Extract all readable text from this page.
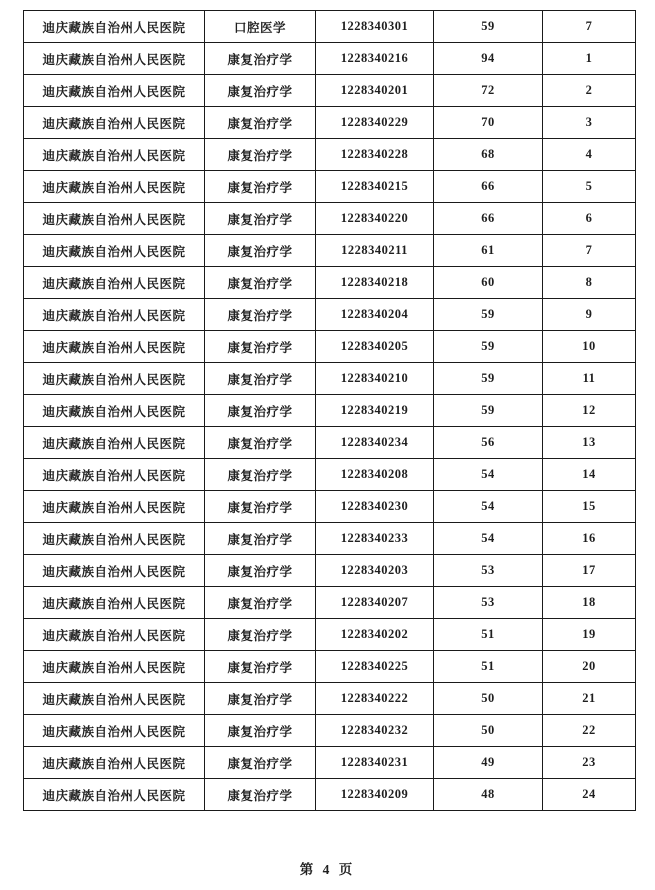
迪庆藏族自治州人民医院	口腔医学	1228340301	59	7
迪庆藏族自治州人民医院	康复治疗学	1228340216	94	1
迪庆藏族自治州人民医院	康复治疗学	1228340201	72	2
迪庆藏族自治州人民医院	康复治疗学	1228340229	70	3
迪庆藏族自治州人民医院	康复治疗学	1228340228	68	4
迪庆藏族自治州人民医院	康复治疗学	1228340215	66	5
迪庆藏族自治州人民医院	康复治疗学	1228340220	66	6
迪庆藏族自治州人民医院	康复治疗学	1228340211	61	7
迪庆藏族自治州人民医院	康复治疗学	1228340218	60	8
迪庆藏族自治州人民医院	康复治疗学	1228340204	59	9
迪庆藏族自治州人民医院	康复治疗学	1228340205	59	10
迪庆藏族自治州人民医院	康复治疗学	1228340210	59	11
迪庆藏族自治州人民医院	康复治疗学	1228340219	59	12
迪庆藏族自治州人民医院	康复治疗学	1228340234	56	13
迪庆藏族自治州人民医院	康复治疗学	1228340208	54	14
迪庆藏族自治州人民医院	康复治疗学	1228340230	54	15
迪庆藏族自治州人民医院	康复治疗学	1228340233	54	16
迪庆藏族自治州人民医院	康复治疗学	1228340203	53	17
迪庆藏族自治州人民医院	康复治疗学	1228340207	53	18
迪庆藏族自治州人民医院	康复治疗学	1228340202	51	19
迪庆藏族自治州人民医院	康复治疗学	1228340225	51	20
迪庆藏族自治州人民医院	康复治疗学	1228340222	50	21
迪庆藏族自治州人民医院	康复治疗学	1228340232	50	22
迪庆藏族自治州人民医院	康复治疗学	1228340231	49	23
迪庆藏族自治州人民医院	康复治疗学	1228340209	48	24
第 4 页
